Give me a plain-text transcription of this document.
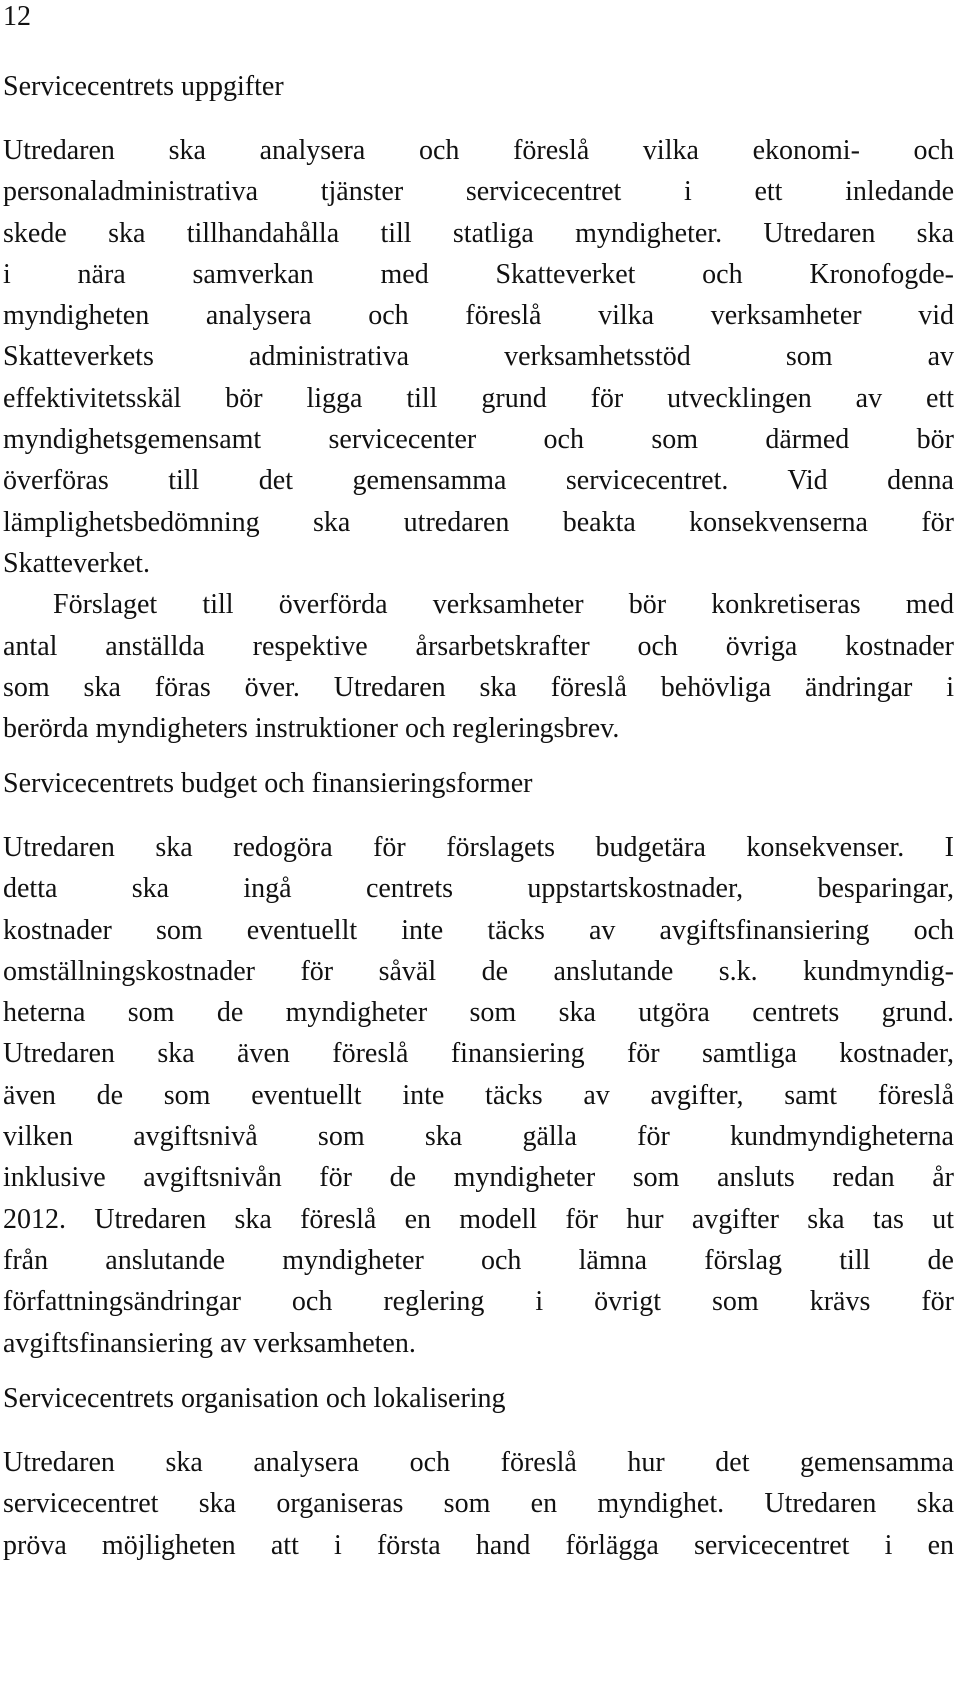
12
Servicecentrets uppgifter
Utredaren ska analysera och föreslå vilka ekonomi- och
personaladministrativa tjänster servicecentret i ett inledande
skede ska tillhandahålla till statliga myndigheter. Utredaren ska
i nära samverkan med Skatteverket och Kronofogde-
myndigheten analysera och föreslå vilka verksamheter vid
Skatteverkets administrativa verksamhetsstöd som av
effektivitetsskäl bör ligga till grund för utvecklingen av ett
myndighetsgemensamt servicecenter och som därmed bör
överföras till det gemensamma servicecentret. Vid denna
lämplighetsbedömning ska utredaren beakta konsekvenserna för
Skatteverket.
Förslaget till överförda verksamheter bör konkretiseras med
antal anställda respektive årsarbetskrafter och övriga kostnader
som ska föras över. Utredaren ska föreslå behövliga ändringar i
berörda myndigheters instruktioner och regleringsbrev.
Servicecentrets budget och finansieringsformer
Utredaren ska redogöra för förslagets budgetära konsekvenser. I
detta ska ingå centrets uppstartskostnader, besparingar,
kostnader som eventuellt inte täcks av avgiftsfinansiering och
omställningskostnader för såväl de anslutande s.k. kundmyndig-
heterna som de myndigheter som ska utgöra centrets grund.
Utredaren ska även föreslå finansiering för samtliga kostnader,
även de som eventuellt inte täcks av avgifter, samt föreslå
vilken avgiftsnivå som ska gälla för kundmyndigheterna
inklusive avgiftsnivån för de myndigheter som ansluts redan år
2012. Utredaren ska föreslå en modell för hur avgifter ska tas ut
från anslutande myndigheter och lämna förslag till de
författningsändringar och reglering i övrigt som krävs för
avgiftsfinansiering av verksamheten.
Servicecentrets organisation och lokalisering
Utredaren ska analysera och föreslå hur det gemensamma
servicecentret ska organiseras som en myndighet. Utredaren ska
pröva möjligheten att i första hand förlägga servicecentret i en
